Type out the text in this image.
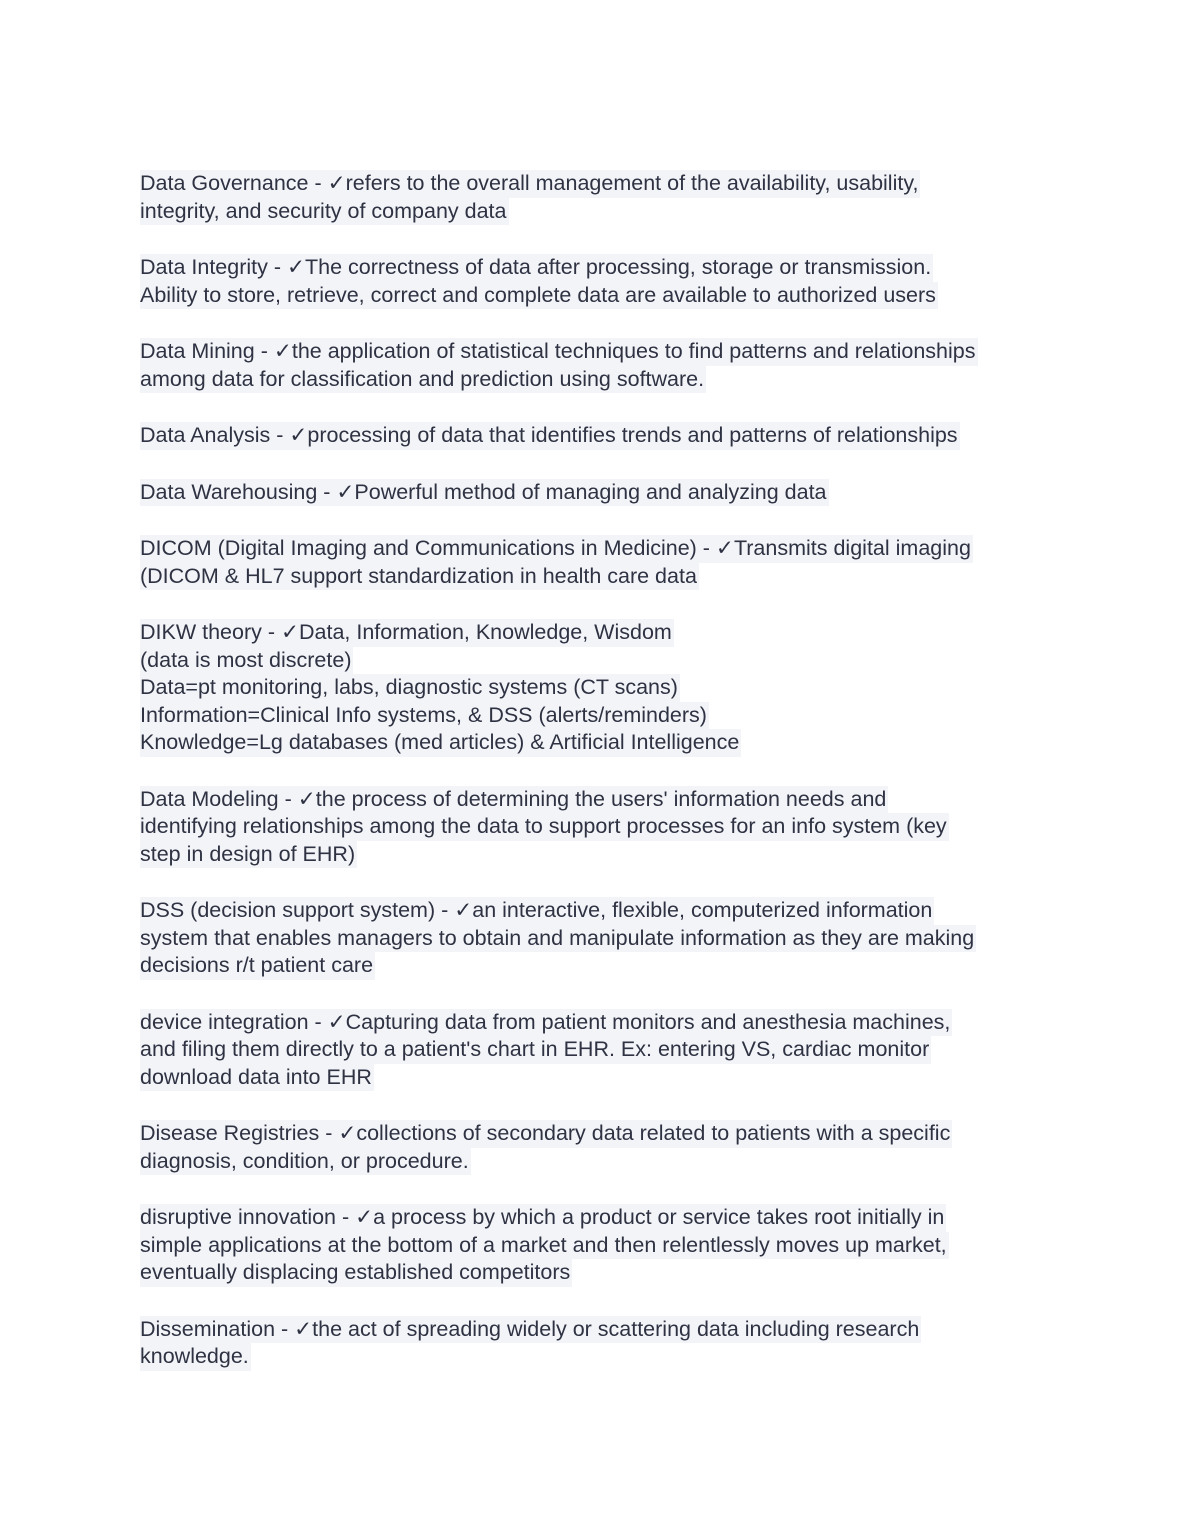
Data Governance - ✓refers to the overall management of the availability, usability,
integrity, and security of company data
Data Integrity - ✓The correctness of data after processing, storage or transmission.
Ability to store, retrieve, correct and complete data are available to authorized users
Data Mining - ✓the application of statistical techniques to find patterns and relationships
among data for classification and prediction using software.
Data Analysis - ✓processing of data that identifies trends and patterns of relationships
Data Warehousing - ✓Powerful method of managing and analyzing data
DICOM (Digital Imaging and Communications in Medicine) - ✓Transmits digital imaging
(DICOM & HL7 support standardization in health care data
DIKW theory - ✓Data, Information, Knowledge, Wisdom
(data is most discrete)
Data=pt monitoring, labs, diagnostic systems (CT scans)
Information=Clinical Info systems, & DSS (alerts/reminders)
Knowledge=Lg databases (med articles) & Artificial Intelligence
Data Modeling - ✓the process of determining the users' information needs and
identifying relationships among the data to support processes for an info system (key
step in design of EHR)
DSS (decision support system) - ✓an interactive, flexible, computerized information
system that enables managers to obtain and manipulate information as they are making
decisions r/t patient care
device integration - ✓Capturing data from patient monitors and anesthesia machines,
and filing them directly to a patient's chart in EHR. Ex: entering VS, cardiac monitor
download data into EHR
Disease Registries - ✓collections of secondary data related to patients with a specific
diagnosis, condition, or procedure.
disruptive innovation - ✓a process by which a product or service takes root initially in
simple applications at the bottom of a market and then relentlessly moves up market,
eventually displacing established competitors
Dissemination - ✓the act of spreading widely or scattering data including research
knowledge.
